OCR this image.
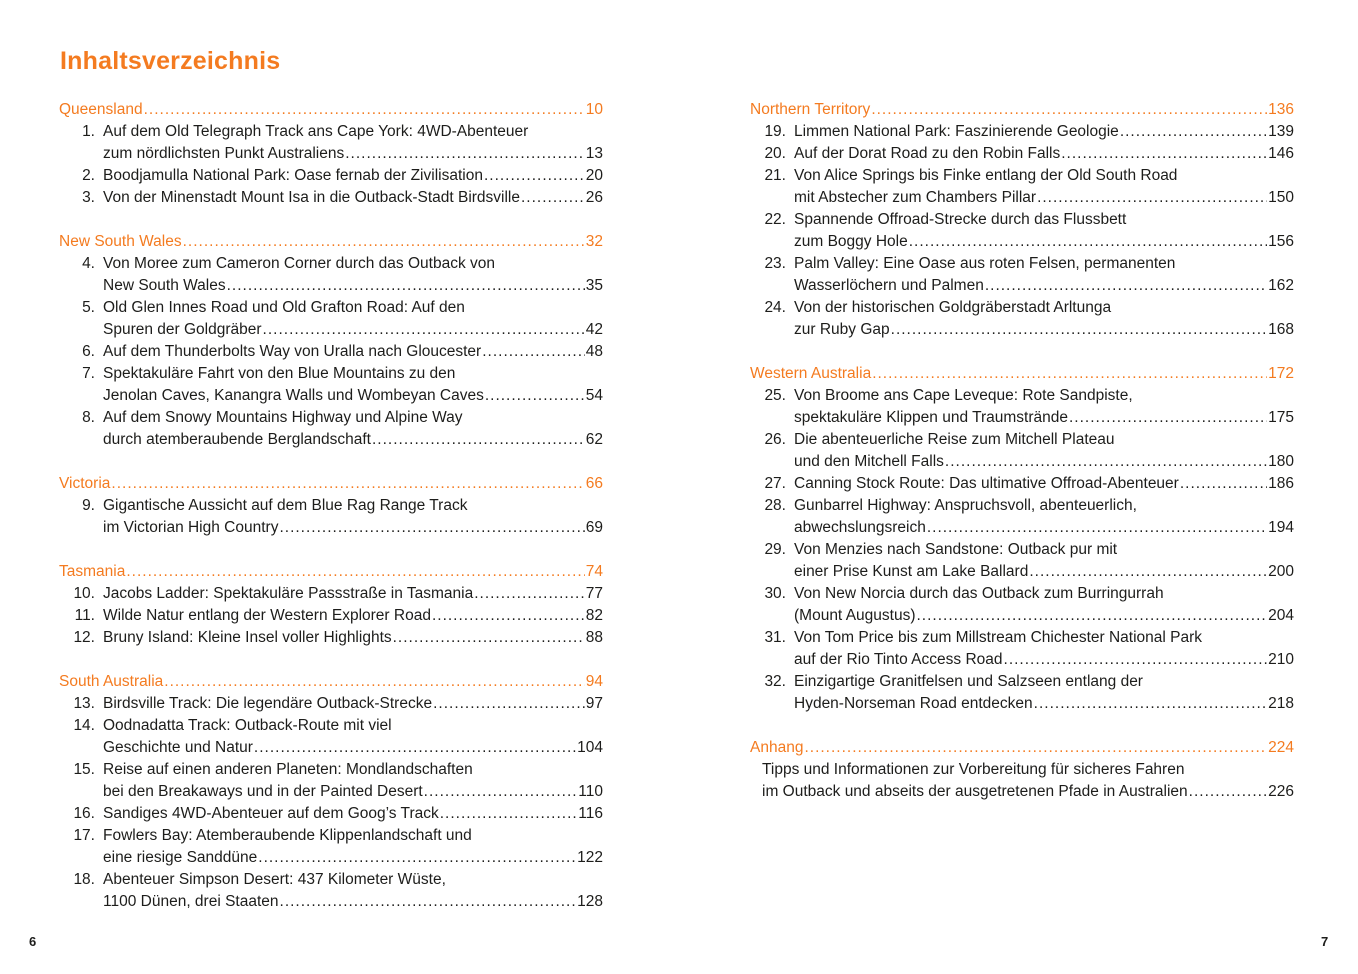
Inhaltsverzeichnis
Queensland .....	10
1. Auf dem Old Telegraph Track ans Cape York: 4WD-Abenteuer
zum nördlichsten Punkt Australiens .....	13
2. Boodjamulla National Park: Oase fernab der Zivilisation .....	20
3. Von der Minenstadt Mount Isa in die Outback-Stadt Birdsville .....	26
New South Wales .....	32
4. Von Moree zum Cameron Corner durch das Outback von
New South Wales .....	35
5. Old Glen Innes Road und Old Grafton Road: Auf den
Spuren der Goldgräber .....	42
6. Auf dem Thunderbolts Way von Uralla nach Gloucester .....	48
7. Spektakuläre Fahrt von den Blue Mountains zu den
Jenolan Caves, Kanangra Walls und Wombeyan Caves .....	54
8. Auf dem Snowy Mountains Highway und Alpine Way
durch atemberaubende Berglandschaft .....	62
Victoria .....	66
9. Gigantische Aussicht auf dem Blue Rag Range Track
im Victorian High Country .....	69
Tasmania .....	74
10. Jacobs Ladder: Spektakuläre Passstraße in Tasmania .....	77
11. Wilde Natur entlang der Western Explorer Road .....	82
12. Bruny Island: Kleine Insel voller Highlights .....	88
South Australia .....	94
13. Birdsville Track: Die legendäre Outback-Strecke .....	97
14. Oodnadatta Track: Outback-Route mit viel
Geschichte und Natur .....	104
15. Reise auf einen anderen Planeten: Mondlandschaften
bei den Breakaways und in der Painted Desert .....	110
16. Sandiges 4WD-Abenteuer auf dem Goog’s Track .....	116
17. Fowlers Bay: Atemberaubende Klippenlandschaft und
eine riesige Sanddüne .....	122
18. Abenteuer Simpson Desert: 437 Kilometer Wüste,
1100 Dünen, drei Staaten .....	128
Northern Territory .....	136
19. Limmen National Park: Faszinierende Geologie .....	139
20. Auf der Dorat Road zu den Robin Falls .....	146
21. Von Alice Springs bis Finke entlang der Old South Road
mit Abstecher zum Chambers Pillar .....	150
22. Spannende Offroad-Strecke durch das Flussbett
zum Boggy Hole .....	156
23. Palm Valley: Eine Oase aus roten Felsen, permanenten
Wasserlöchern und Palmen .....	162
24. Von der historischen Goldgräberstadt Arltunga
zur Ruby Gap .....	168
Western Australia .....	172
25. Von Broome ans Cape Leveque: Rote Sandpiste,
spektakuläre Klippen und Traumstrände .....	175
26. Die abenteuerliche Reise zum Mitchell Plateau
und den Mitchell Falls .....	180
27. Canning Stock Route: Das ultimative Offroad-Abenteuer .....	186
28. Gunbarrel Highway: Anspruchsvoll, abenteuerlich,
abwechslungsreich .....	194
29. Von Menzies nach Sandstone: Outback pur mit
einer Prise Kunst am Lake Ballard .....	200
30. Von New Norcia durch das Outback zum Burringurrah
(Mount Augustus) .....	204
31. Von Tom Price bis zum Millstream Chichester National Park
auf der Rio Tinto Access Road .....	210
32. Einzigartige Granitfelsen und Salzseen entlang der
Hyden-Norseman Road entdecken .....	218
Anhang .....	224
Tipps und Informationen zur Vorbereitung für sicheres Fahren
im Outback und abseits der ausgetretenen Pfade in Australien .....	226
6	7
